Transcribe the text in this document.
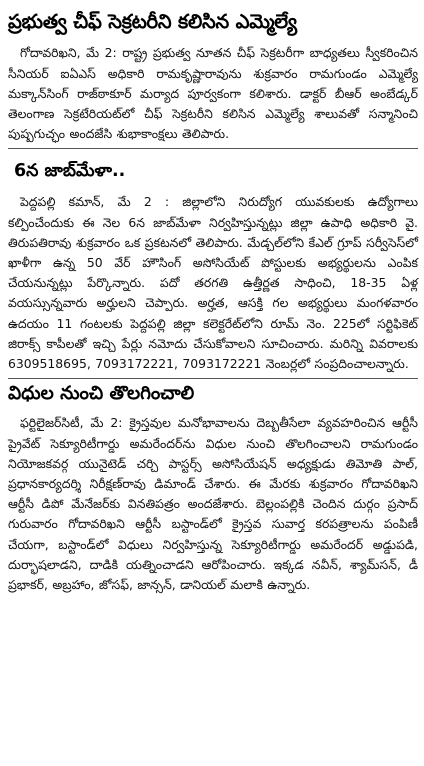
ప్రభుత్వ చీఫ్ సెక్రటరీని కలిసిన ఎమ్మెల్యే

గోదావరిఖని, మే 2: రాష్ట్ర ప్రభుత్వ నూతన చీఫ్ సెక్రటరీగా బాధ్యతలు స్వీకరించిన సీనియర్ ఐఏఎస్ అధికారి రామకృష్ణారావును శుక్రవారం రామగుండం ఎమ్మెల్యే మక్కాన్‌సింగ్ రాజ్‌ఠాకూర్ మర్యాద పూర్వకంగా కలిశారు. డాక్టర్ బీఆర్ అంబేడ్కర్ తెలంగాణ సెక్రటేరియట్‌లో చీఫ్ సెక్రటరీని కలిసిన ఎమ్మెల్యే శాలువతో సన్మానించి పుష్పగుచ్ఛం అందజేసి శుభాకాంక్షలు తెలిపారు.

6న జాబ్‌మేళా..

పెద్దపల్లి కమాన్, మే 2 : జిల్లాలోని నిరుద్యోగ యువకులకు ఉద్యోగాలు కల్పించేందుకు ఈ నెల 6న జాబ్‌మేళా నిర్వహిస్తున్నట్లు జిల్లా ఉపాధి అధికారి వై. తిరుపతిరావు శుక్రవారం ఒక ప్రకటనలో తెలిపారు. మేడ్చల్‌లోని కేఎల్ గ్రూప్ సర్వీసెస్‌లో ఖాళీగా ఉన్న 50 వేర్ హౌసింగ్ అసోసియేట్ పోస్టులకు అభ్యర్థులను ఎంపిక చేయనున్నట్లు పేర్కొన్నారు. పదో తరగతి ఉత్తీర్ణత సాధించి, 18-35 ఏళ్ల వయస్సున్నవారు అర్హులని చెప్పారు. అర్హత, ఆసక్తి గల అభ్యర్థులు మంగళవారం ఉదయం 11 గంటలకు పెద్దపల్లి జిల్లా కలెక్టరేట్‌లోని రూమ్ నెం. 225లో సర్టిఫికెట్ జిరాక్స్ కాపీలతో ఇచ్చి పేర్లు నమోదు చేసుకోవాలని సూచించారు. మరిన్ని వివరాలకు 6309518695, 7093172221, 7093172221 నెంబర్లలో సంప్రదించాలన్నారు.

విధుల నుంచి తొలగించాలి

ఫర్టిలైజర్‌సిటీ, మే 2: క్రైస్తవుల మనోభావాలను దెబ్బతీసేలా వ్యవహరించిన ఆర్టీసీ ప్రైవేట్ సెక్యూరిటీగార్డు అమరేందర్‌ను విధుల నుంచి తొలగించాలని రామగుండం నియోజకవర్గ యునైటెడ్ చర్చి పాస్టర్స్ అసోసియేషన్ అధ్యక్షుడు తిమోతి పాల్, ప్రధానకార్యదర్శి నిరీక్షణ్‌రావు డిమాండ్ చేశారు. ఈ మేరకు శుక్రవారం గోదావరిఖని ఆర్టీసీ డిపో మేనేజర్‌కు వినతిపత్రం అందజేశారు. బెల్లంపల్లికి చెందిన దుర్గం ప్రసాద్ గురువారం గోదావరిఖని ఆర్టీసీ బస్టాండ్‌లో క్రైస్తవ సువార్త కరపత్రాలను పంపిణీ చేయగా, బస్టాండ్‌లో విధులు నిర్వహిస్తున్న సెక్యూరిటీగార్డు అమరేందర్ అడ్డుపడి, దుర్భాషలాడని, దాడికి యత్నించాడని ఆరోపించారు. ఇక్కడ నవీన్, శ్యామ్‌సన్, డీ ప్రభాకర్, అబ్రహాం, జోసఫ్, జాన్సన్, డానియల్ మలాకి ఉన్నారు.
